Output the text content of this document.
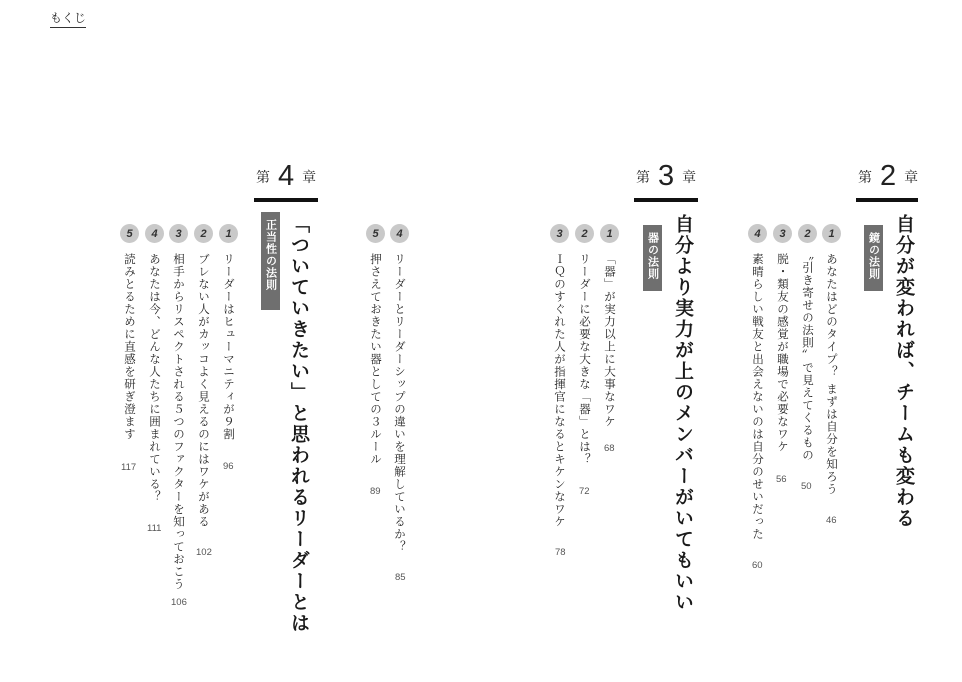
もくじ
第 2 章
自分が変われば、チームも変わる
鏡の法則
1
あなたはどのタイプ？ まずは自分を知ろう
46
2
〝引き寄せの法則〟で見えてくるもの
50
3
脱・類友の感覚が職場で必要なワケ
56
4
素晴らしい戦友と出会えないのは自分のせいだった
60
第 3 章
自分より実力が上のメンバーがいてもいい
器の法則
1
「器」が実力以上に大事なワケ
68
2
リーダーに必要な大きな「器」とは？
72
3
ＩＱのすぐれた人が指揮官になるとキケンなワケ
78
4
リーダーとリーダーシップの違いを理解しているか？
85
5
押さえておきたい器としての３ルール
89
第 4 章
「ついていきたい」と思われるリーダーとは
正当性の法則
1
リーダーはヒューマニティが９割
96
2
ブレない人がカッコよく見えるのにはワケがある
102
3
相手からリスペクトされる５つのファクターを知っておこう
106
4
あなたは今、どんな人たちに囲まれている？
111
5
読みとるために直感を研ぎ澄ます
117
